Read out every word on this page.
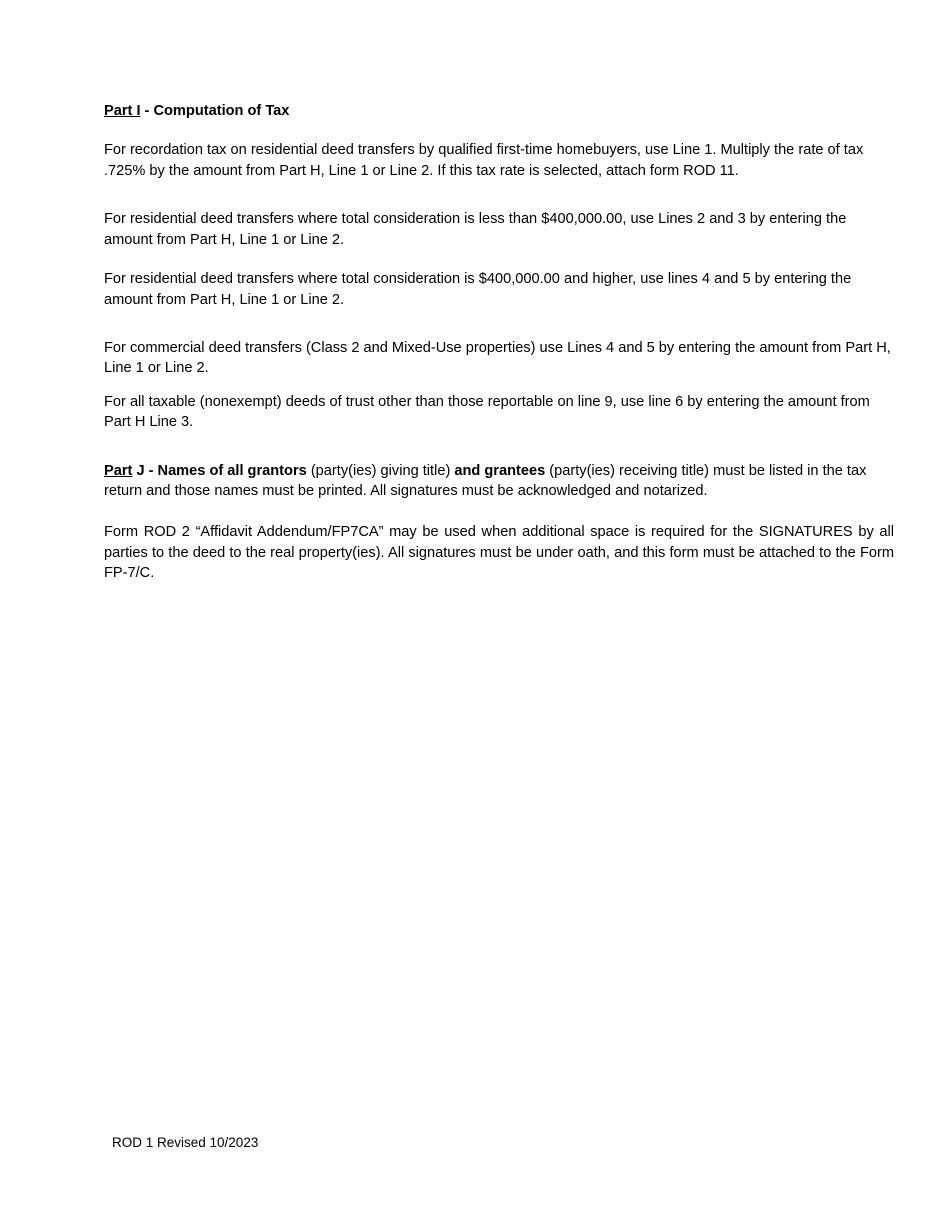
Part I - Computation of Tax

For recordation tax on residential deed transfers by qualified first-time homebuyers, use Line 1. Multiply the rate of tax .725% by the amount from Part H, Line 1 or Line 2. If this tax rate is selected, attach form ROD 11.

For residential deed transfers where total consideration is less than $400,000.00, use Lines 2 and 3 by entering the amount from Part H, Line 1 or Line 2.

For residential deed transfers where total consideration is $400,000.00 and higher, use lines 4 and 5 by entering the amount from Part H, Line 1 or Line 2.

For commercial deed transfers (Class 2 and Mixed-Use properties) use Lines 4 and 5 by entering the amount from Part H, Line 1 or Line 2.

For all taxable (nonexempt) deeds of trust other than those reportable on line 9, use line 6 by entering the amount from Part H Line 3.

Part J - Names of all grantors (party(ies) giving title) and grantees (party(ies) receiving title) must be listed in the tax return and those names must be printed. All signatures must be acknowledged and notarized.

Form ROD 2 “Affidavit Addendum/FP7CA” may be used when additional space is required for the SIGNATURES by all parties to the deed to the real property(ies). All signatures must be under oath, and this form must be attached to the Form FP-7/C.

ROD 1 Revised 10/2023
